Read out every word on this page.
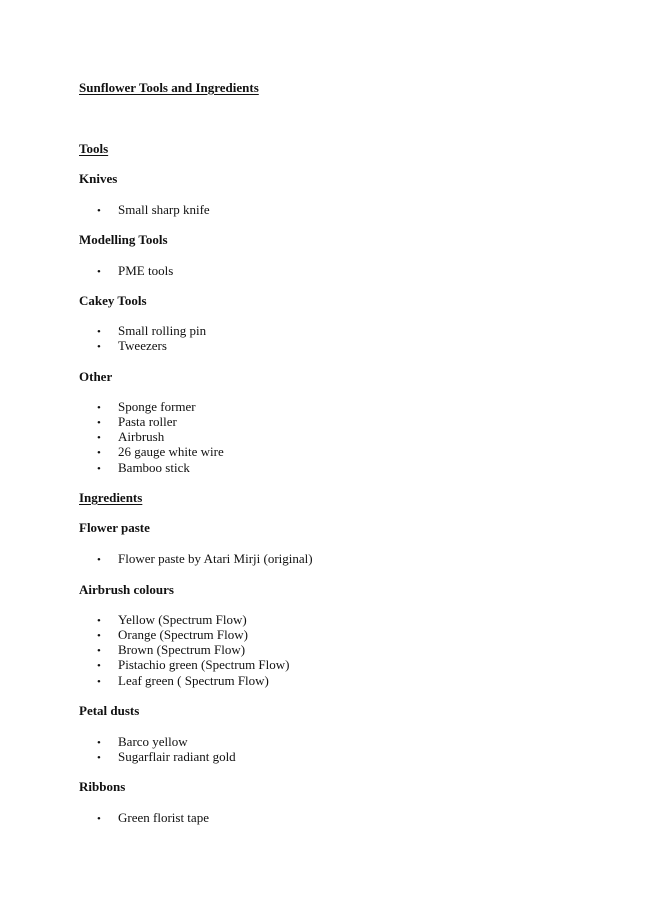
Sunflower Tools and Ingredients
Tools
Knives
• Small sharp knife
Modelling Tools
• PME tools
Cakey Tools
• Small rolling pin
• Tweezers
Other
• Sponge former
• Pasta roller
• Airbrush
• 26 gauge white wire
• Bamboo stick
Ingredients
Flower paste
• Flower paste by Atari Mirji (original)
Airbrush colours
• Yellow (Spectrum Flow)
• Orange (Spectrum Flow)
• Brown (Spectrum Flow)
• Pistachio green (Spectrum Flow)
• Leaf green ( Spectrum Flow)
Petal dusts
• Barco yellow
• Sugarflair radiant gold
Ribbons
• Green florist tape
